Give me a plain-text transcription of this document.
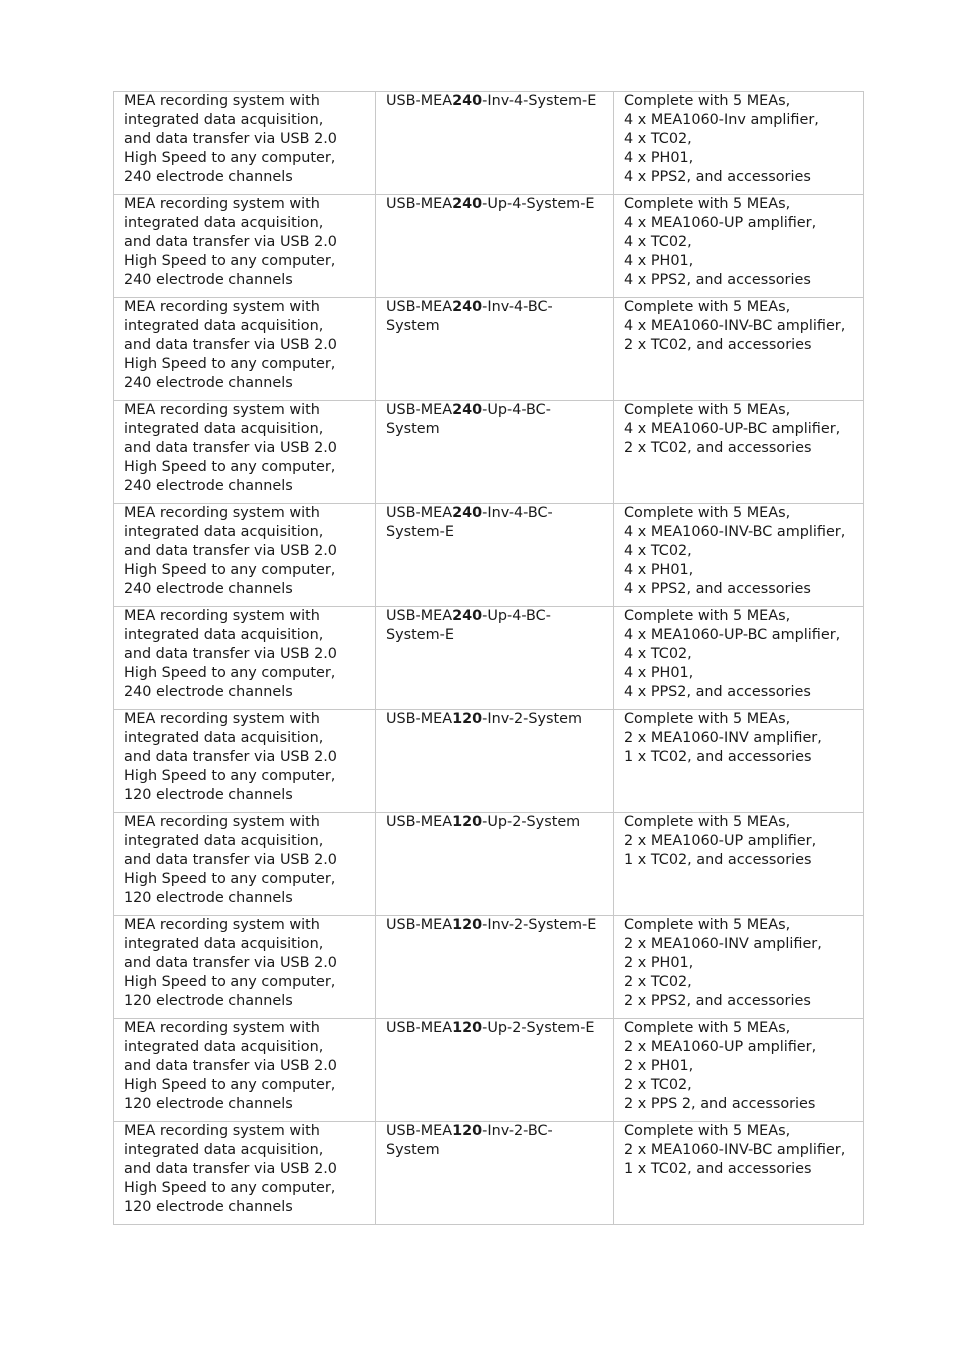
MEA recording system with
integrated data acquisition,
and data transfer via USB 2.0
High Speed to any computer,
240 electrode channels	USB-MEA240-Inv-4-System-E	Complete with 5 MEAs,
4 x MEA1060-Inv amplifier,
4 x TC02,
4 x PH01,
4 x PPS2, and accessories

MEA recording system with
integrated data acquisition,
and data transfer via USB 2.0
High Speed to any computer,
240 electrode channels	USB-MEA240-Up-4-System-E	Complete with 5 MEAs,
4 x MEA1060-UP amplifier,
4 x TC02,
4 x PH01,
4 x PPS2, and accessories

MEA recording system with
integrated data acquisition,
and data transfer via USB 2.0
High Speed to any computer,
240 electrode channels	USB-MEA240-Inv-4-BC-
System	Complete with 5 MEAs,
4 x MEA1060-INV-BC amplifier,
2 x TC02, and accessories

MEA recording system with
integrated data acquisition,
and data transfer via USB 2.0
High Speed to any computer,
240 electrode channels	USB-MEA240-Up-4-BC-
System	Complete with 5 MEAs,
4 x MEA1060-UP-BC amplifier,
2 x TC02, and accessories

MEA recording system with
integrated data acquisition,
and data transfer via USB 2.0
High Speed to any computer,
240 electrode channels	USB-MEA240-Inv-4-BC-
System-E	Complete with 5 MEAs,
4 x MEA1060-INV-BC amplifier,
4 x TC02,
4 x PH01,
4 x PPS2, and accessories

MEA recording system with
integrated data acquisition,
and data transfer via USB 2.0
High Speed to any computer,
240 electrode channels	USB-MEA240-Up-4-BC-
System-E	Complete with 5 MEAs,
4 x MEA1060-UP-BC amplifier,
4 x TC02,
4 x PH01,
4 x PPS2, and accessories

MEA recording system with
integrated data acquisition,
and data transfer via USB 2.0
High Speed to any computer,
120 electrode channels	USB-MEA120-Inv-2-System	Complete with 5 MEAs,
2 x MEA1060-INV amplifier,
1 x TC02, and accessories

MEA recording system with
integrated data acquisition,
and data transfer via USB 2.0
High Speed to any computer,
120 electrode channels	USB-MEA120-Up-2-System	Complete with 5 MEAs,
2 x MEA1060-UP amplifier,
1 x TC02, and accessories

MEA recording system with
integrated data acquisition,
and data transfer via USB 2.0
High Speed to any computer,
120 electrode channels	USB-MEA120-Inv-2-System-E	Complete with 5 MEAs,
2 x MEA1060-INV amplifier,
2 x PH01,
2 x TC02,
2 x PPS2, and accessories

MEA recording system with
integrated data acquisition,
and data transfer via USB 2.0
High Speed to any computer,
120 electrode channels	USB-MEA120-Up-2-System-E	Complete with 5 MEAs,
2 x MEA1060-UP amplifier,
2 x PH01,
2 x TC02,
2 x PPS 2, and accessories

MEA recording system with
integrated data acquisition,
and data transfer via USB 2.0
High Speed to any computer,
120 electrode channels	USB-MEA120-Inv-2-BC-
System	Complete with 5 MEAs,
2 x MEA1060-INV-BC amplifier,
1 x TC02, and accessories
